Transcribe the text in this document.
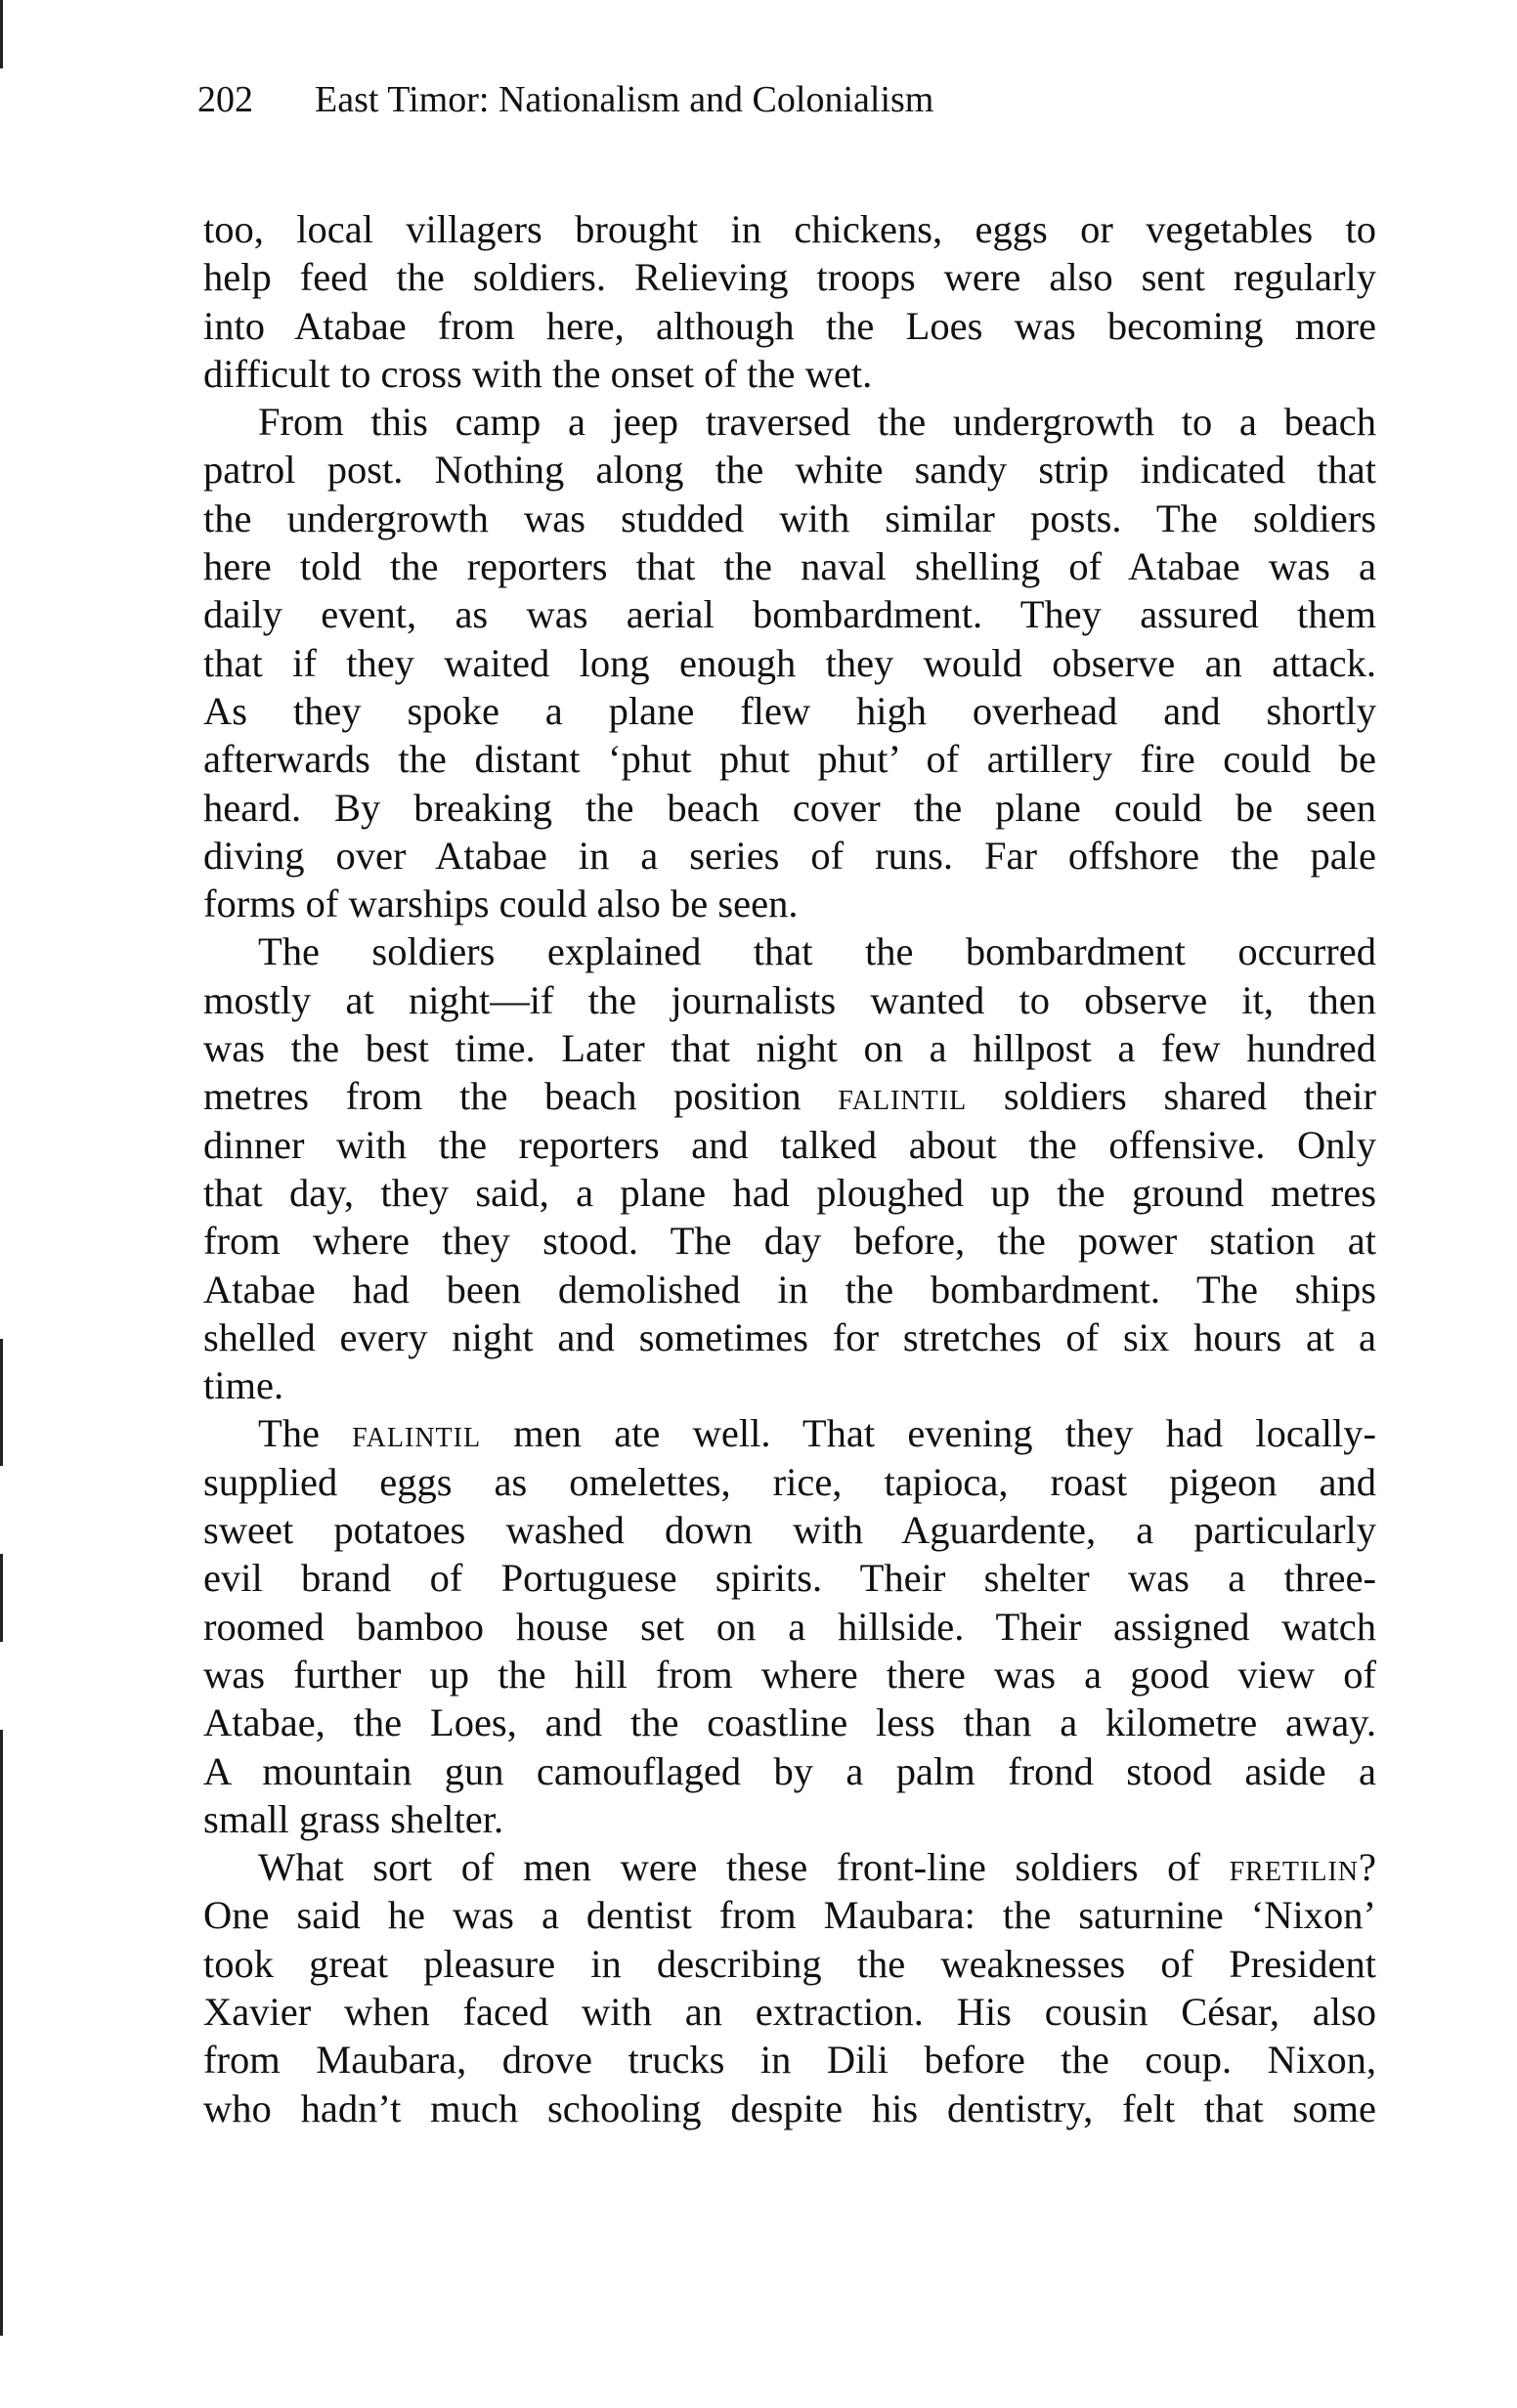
202 East Timor: Nationalism and Colonialism
too, local villagers brought in chickens, eggs or vegetables to
help feed the soldiers. Relieving troops were also sent regularly
into Atabae from here, although the Loes was becoming more
difficult to cross with the onset of the wet.
From this camp a jeep traversed the undergrowth to a beach
patrol post. Nothing along the white sandy strip indicated that
the undergrowth was studded with similar posts. The soldiers
here told the reporters that the naval shelling of Atabae was a
daily event, as was aerial bombardment. They assured them
that if they waited long enough they would observe an attack.
As they spoke a plane flew high overhead and shortly
afterwards the distant ‘phut phut phut’ of artillery fire could be
heard. By breaking the beach cover the plane could be seen
diving over Atabae in a series of runs. Far offshore the pale
forms of warships could also be seen.
The soldiers explained that the bombardment occurred
mostly at night—if the journalists wanted to observe it, then
was the best time. Later that night on a hillpost a few hundred
metres from the beach position falintil soldiers shared their
dinner with the reporters and talked about the offensive. Only
that day, they said, a plane had ploughed up the ground metres
from where they stood. The day before, the power station at
Atabae had been demolished in the bombardment. The ships
shelled every night and sometimes for stretches of six hours at a
time.
The falintil men ate well. That evening they had locally-
supplied eggs as omelettes, rice, tapioca, roast pigeon and
sweet potatoes washed down with Aguardente, a particularly
evil brand of Portuguese spirits. Their shelter was a three-
roomed bamboo house set on a hillside. Their assigned watch
was further up the hill from where there was a good view of
Atabae, the Loes, and the coastline less than a kilometre away.
A mountain gun camouflaged by a palm frond stood aside a
small grass shelter.
What sort of men were these front-line soldiers of fretilin?
One said he was a dentist from Maubara: the saturnine ‘Nixon’
took great pleasure in describing the weaknesses of President
Xavier when faced with an extraction. His cousin César, also
from Maubara, drove trucks in Dili before the coup. Nixon,
who hadn’t much schooling despite his dentistry, felt that some
